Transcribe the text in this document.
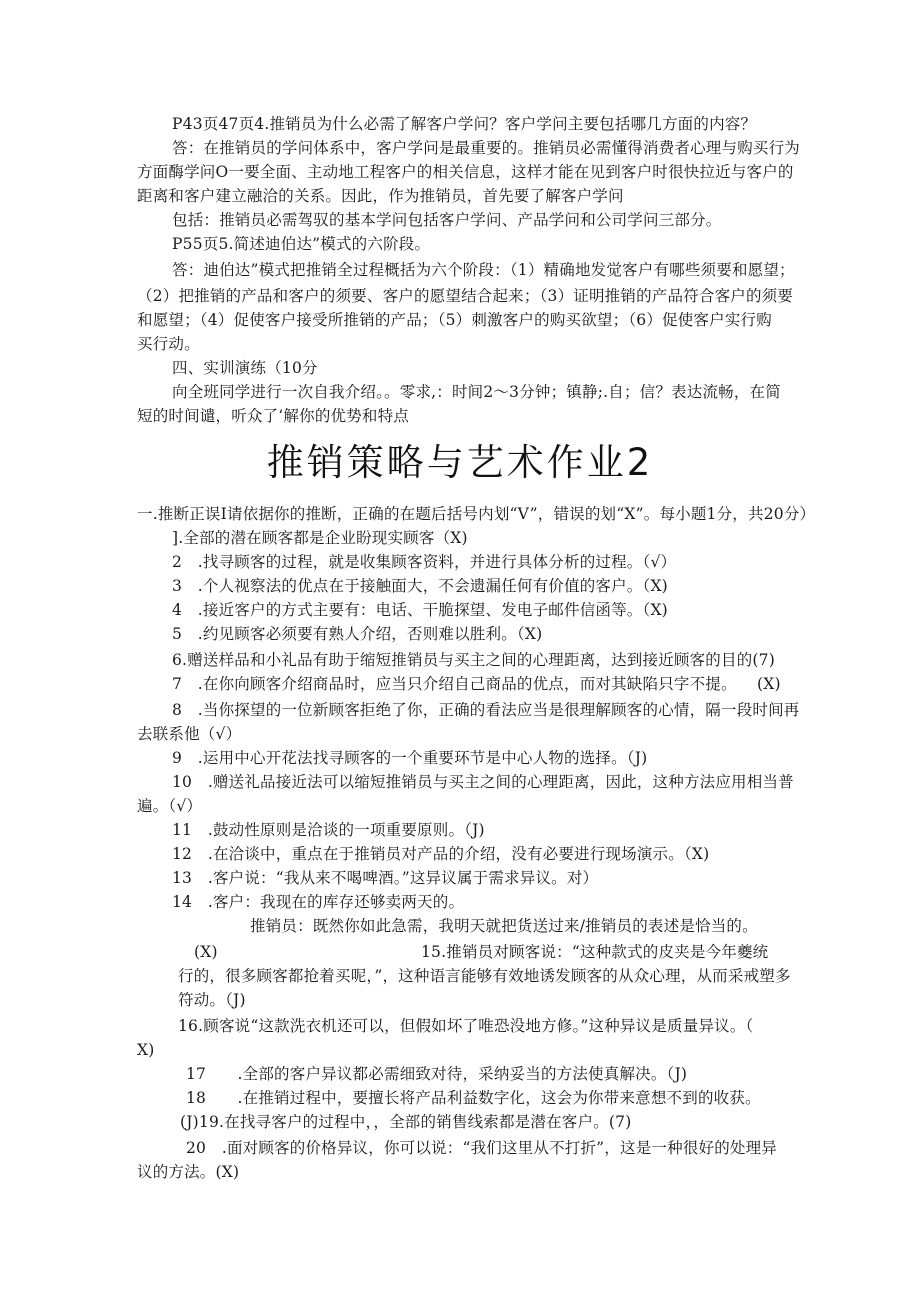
P43页47页4.推销员为什么必需了解客户学问？客户学问主要包括哪几方面的内容？
答：在推销员的学问体系中，客户学问是最重要的。推销员必需懂得消费者心理与购买行为
方面酶学问O一要全面、主动地工程客户的相关信息，这样才能在见到客户时很快拉近与客户的
距离和客户建立融洽的关系。因此，作为推销员，首先要了解客户学问
包括：推销员必需驾驭的基本学问包括客户学问、产品学问和公司学问三部分。
P55页5.简述迪伯达”模式的六阶段。
答：迪伯达”模式把推销全过程概括为六个阶段：（1）精确地发觉客户有哪些须要和愿望；
（2）把推销的产品和客户的须要、客户的愿望结合起来；（3）证明推销的产品符合客户的须要
和愿望；（4）促使客户接受所推销的产品；（5）刺激客户的购买欲望；（6）促使客户实行购
买行动。
四、实训演练（10分
向全班同学进行一次自我介绍。。零求,：时间2〜3分钟；镇静;.自；信？表达流畅，在简
短的时间谴，听众了‘解你的优势和特点
推销策略与艺术作业2
一.推断正误I请依据你的推断，正确的在题后括号内划“V”，错误的划“X”。每小题1分，共20分）
].全部的潜在顾客都是企业盼现实顾客（X)
2　.找寻顾客的过程，就是收集顾客资料，并进行具体分析的过程。（√）
3　.个人视察法的优点在于接触面大，不会遗漏任何有价值的客户。（X)
4　.接近客户的方式主要有：电话、干脆探望、发电子邮件信函等。（X)
5　.约见顾客必须要有熟人介绍，否则难以胜利。（X)
6.赠送样品和小礼品有助于缩短推销员与买主之间的心理距离，达到接近顾客的目的(7)
7　.在你向顾客介绍商品时，应当只介绍自己商品的优点，而对其缺陷只字不提。 (X)
8　.当你探望的一位新顾客拒绝了你，正确的看法应当是很理解顾客的心情，隔一段时间再
去联系他（√）
9　.运用中心开花法找寻顾客的一个重要环节是中心人物的选择。（J)
10　.赠送礼品接近法可以缩短推销员与买主之间的心理距离，因此，这种方法应用相当普
遍。（√）
11　.鼓动性原则是洽谈的一项重要原则。（J)
12　.在洽谈中，重点在于推销员对产品的介绍，没有必要进行现场演示。（X)
13　.客户说：“我从来不喝啤酒。”这异议属于需求异议。对）
14　.客户：我现在的库存还够卖两天的。
推销员：既然你如此急需，我明天就把货送过来/推销员的表述是恰当的。
(X)	15.推销员对顾客说：“这种款式的皮夹是今年夔统
行的，很多顾客都抢着买呢，”，这种语言能够有效地诱发顾客的从众心理，从而采戒塑多
符动。（J)
16.顾客说“这款洗衣机还可以，但假如坏了唯恐没地方修。”这种异议是质量异议。（
X)
17　　.全部的客户异议都必需细致对待，采纳妥当的方法使真解决。（J)
18　　.在推销过程中，要擅长将产品利益数字化，这会为你带来意想不到的收获。
(J)19.在找寻客户的过程中，，全部的销售线索都是潜在客户。(7)
20　.面对顾客的价格异议，你可以说：“我们这里从不打折”，这是一种很好的处理异
议的方法。(X)
